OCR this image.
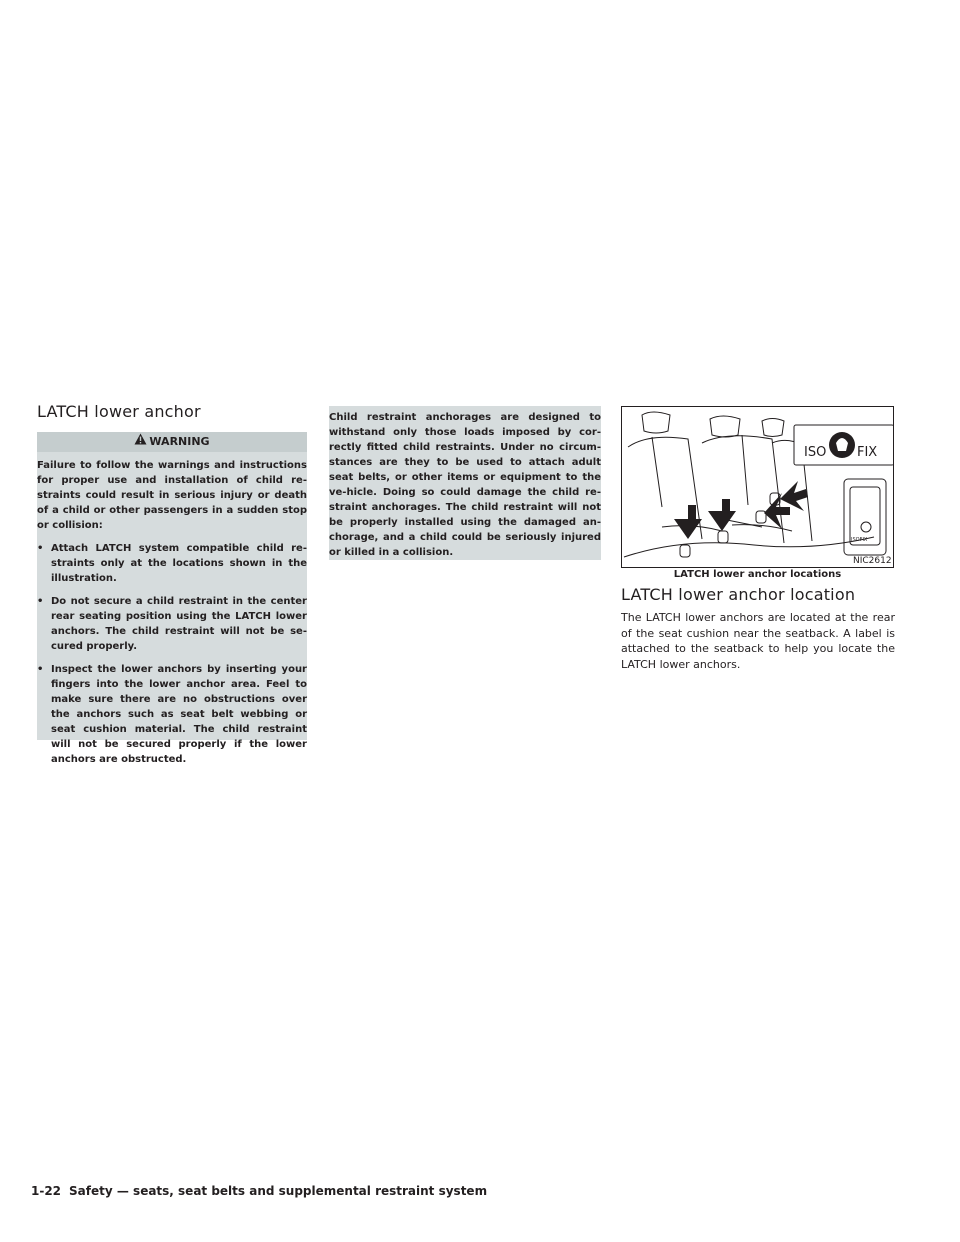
LATCH lower anchor
WARNING

Failure to follow the warnings and instructions for proper use and installation of child re-straints could result in serious injury or death of a child or other passengers in a sudden stop or collision:

• Attach LATCH system compatible child re-straints only at the locations shown in the illustration.
• Do not secure a child restraint in the center rear seating position using the LATCH lower anchors. The child restraint will not be se-cured properly.
• Inspect the lower anchors by inserting your fingers into the lower anchor area. Feel to make sure there are no obstructions over the anchors such as seat belt webbing or seat cushion material. The child restraint will not be secured properly if the lower anchors are obstructed.

Child restraint anchorages are designed to withstand only those loads imposed by cor-rectly fitted child restraints. Under no circum-stances are they to be used to attach adult seat belts, or other items or equipment to the ve-hicle. Doing so could damage the child re-straint anchorages. The child restraint will not be properly installed using the damaged an-chorage, and a child could be seriously injured or killed in a collision.

ISO FIX
ISOFIX
NIC2612
LATCH lower anchor locations
LATCH lower anchor location

The LATCH lower anchors are located at the rear of the seat cushion near the seatback. A label is attached to the seatback to help you locate the LATCH lower anchors.

1-22 Safety — seats, seat belts and supplemental restraint system
